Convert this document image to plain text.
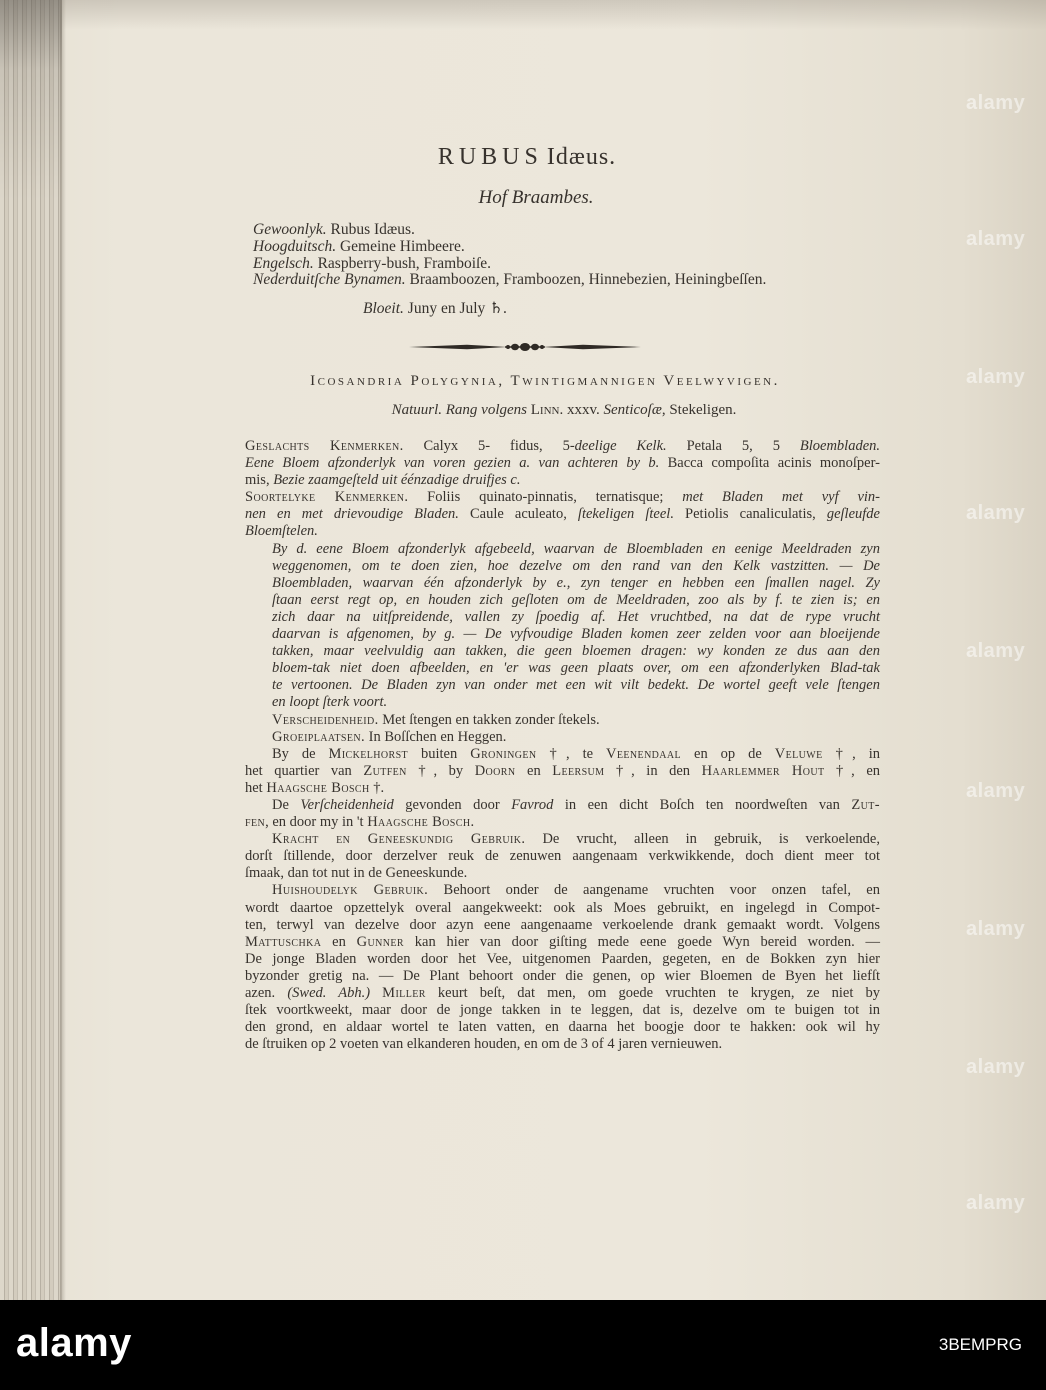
RUBUS Idæus.
Hof Braambes.
Gewoonlyk. Rubus Idæus.
Hoogduitsch. Gemeine Himbeere.
Engelsch. Raspberry-bush, Framboiſe.
Nederduitſche Bynamen. Braamboozen, Framboozen, Hinnebezien, Heiningbeſſen.
Bloeit. Juny en July ♄.
Icosandria Polygynia, Twintigmannigen Veelwyvigen.
Natuurl. Rang volgens Linn. xxxv. Senticoſæ, Stekeligen.
Geslachts Kenmerken. Calyx 5- fidus, 5-deelige Kelk. Petala 5, 5 Bloembladen.
Eene Bloem afzonderlyk van voren gezien a. van achteren by b. Bacca compoſita acinis monoſper-
mis, Bezie zaamgeſteld uit éénzadige druifjes c.
Soortelyke Kenmerken. Foliis quinato-pinnatis, ternatisque; met Bladen met vyf vin-
nen en met drievoudige Bladen. Caule aculeato, ſtekeligen ſteel. Petiolis canaliculatis, geſleufde
Bloemſtelen.
By d. eene Bloem afzonderlyk afgebeeld, waarvan de Bloembladen en eenige Meeldraden zyn
weggenomen, om te doen zien, hoe dezelve om den rand van den Kelk vastzitten. — De
Bloembladen, waarvan één afzonderlyk by e., zyn tenger en hebben een ſmallen nagel. Zy
ſtaan eerst regt op, en houden zich geſloten om de Meeldraden, zoo als by f. te zien is; en
zich daar na uitſpreidende, vallen zy ſpoedig af. Het vruchtbed, na dat de rype vrucht
daarvan is afgenomen, by g. — De vyfvoudige Bladen komen zeer zelden voor aan bloeijende
takken, maar veelvuldig aan takken, die geen bloemen dragen: wy konden ze dus aan den
bloem-tak niet doen afbeelden, en 'er was geen plaats over, om een afzonderlyken Blad-tak
te vertoonen. De Bladen zyn van onder met een wit vilt bedekt. De wortel geeft vele ſtengen
en loopt ſterk voort.
Verscheidenheid. Met ſtengen en takken zonder ſtekels.
Groeiplaatsen. In Boſſchen en Heggen.
By de Mickelhorst buiten Groningen †, te Veenendaal en op de Veluwe †, in
het quartier van Zutfen †, by Doorn en Leersum †, in den Haarlemmer Hout †, en
het Haagsche Bosch †.
De Verſcheidenheid gevonden door Favrod in een dicht Boſch ten noordweſten van Zut-
fen, en door my in 't Haagsche Bosch.
Kracht en Geneeskundig Gebruik. De vrucht, alleen in gebruik, is verkoelende,
dorſt ſtillende, door derzelver reuk de zenuwen aangenaam verkwikkende, doch dient meer tot
ſmaak, dan tot nut in de Geneeskunde.
Huishoudelyk Gebruik. Behoort onder de aangename vruchten voor onzen tafel, en
wordt daartoe opzettelyk overal aangekweekt: ook als Moes gebruikt, en ingelegd in Compot-
ten, terwyl van dezelve door azyn eene aangenaame verkoelende drank gemaakt wordt. Volgens
Mattuschka en Gunner kan hier van door giſting mede eene goede Wyn bereid worden. —
De jonge Bladen worden door het Vee, uitgenomen Paarden, gegeten, en de Bokken zyn hier
byzonder gretig na. — De Plant behoort onder die genen, op wier Bloemen de Byen het liefſt
azen. (Swed. Abh.) Miller keurt beſt, dat men, om goede vruchten te krygen, ze niet by
ſtek voortkweekt, maar door de jonge takken in te leggen, dat is, dezelve om te buigen tot in
den grond, en aldaar wortel te laten vatten, en daarna het boogje door te hakken: ook wil hy
de ſtruiken op 2 voeten van elkanderen houden, en om de 3 of 4 jaren vernieuwen.
alamy
alamy
alamy
alamy
alamy
alamy
alamy
alamy
alamy
alamy	3BEMPRG
